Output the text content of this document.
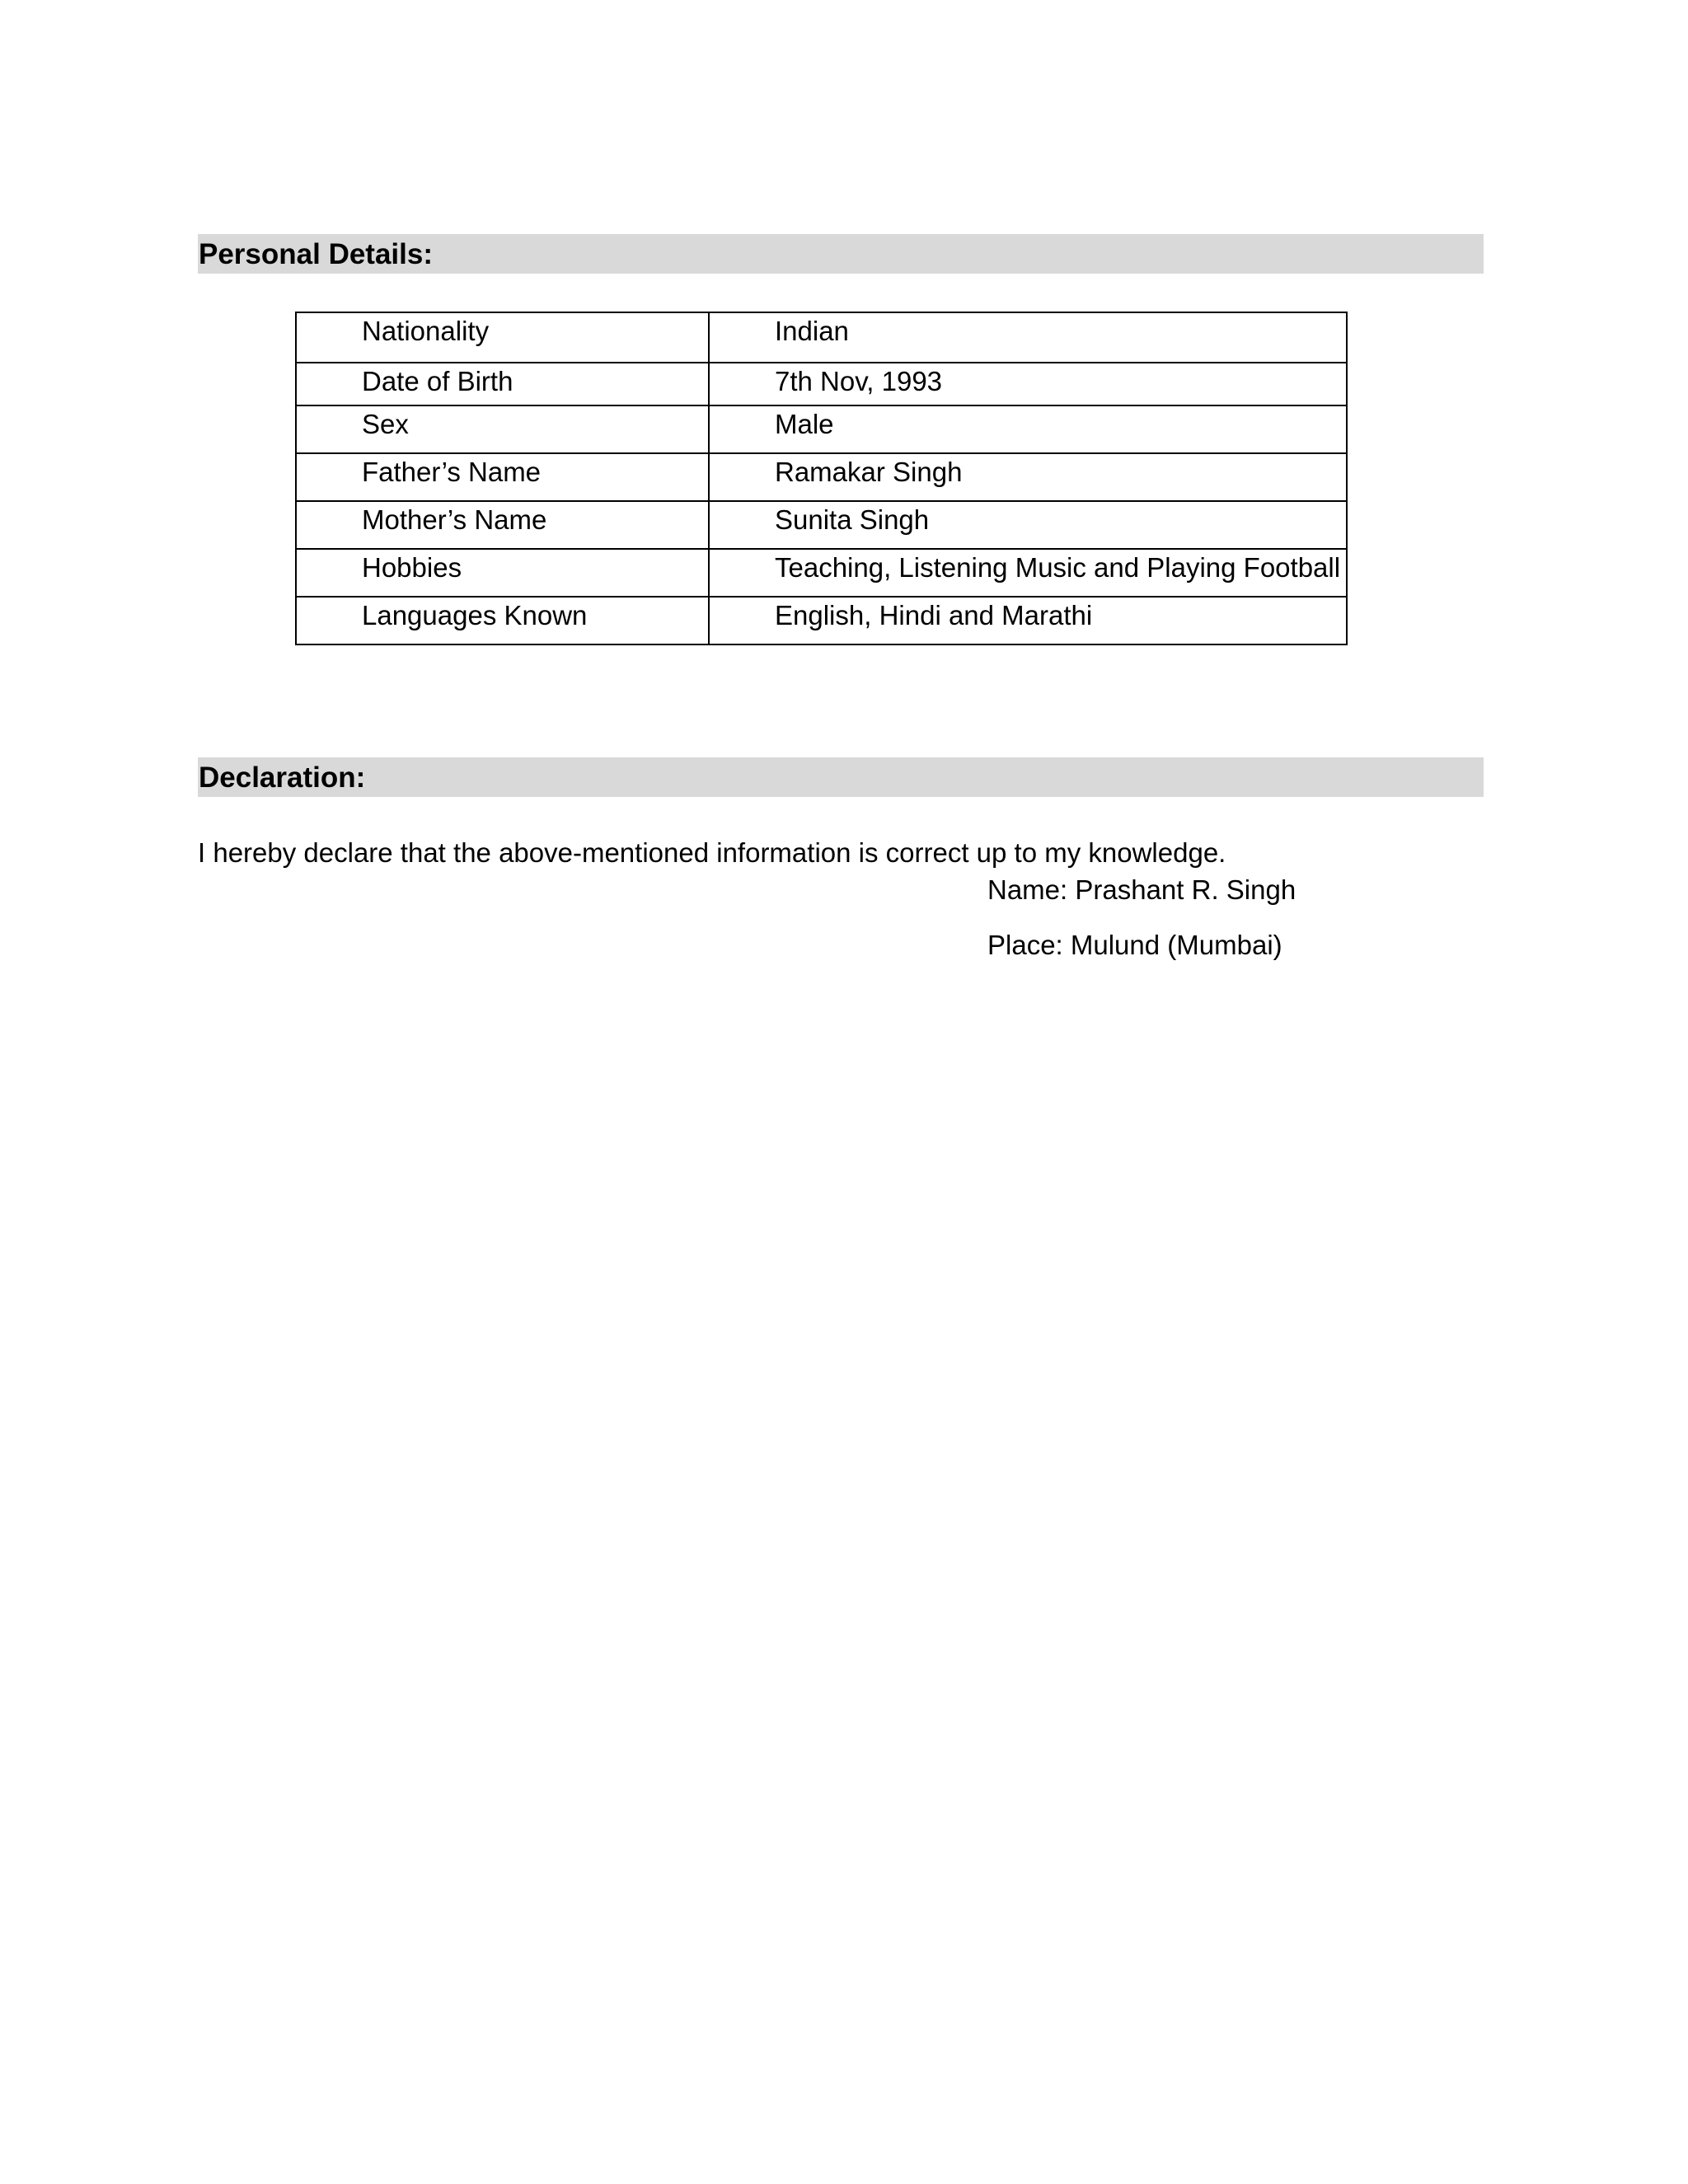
Personal Details:
Nationality	Indian
Date of Birth	7th Nov, 1993
Sex	Male
Father’s Name	Ramakar Singh
Mother’s Name	Sunita Singh
Hobbies	Teaching, Listening Music and Playing Football
Languages Known	English, Hindi and Marathi
Declaration:
I hereby declare that the above-mentioned information is correct up to my knowledge.
Name: Prashant R. Singh
Place: Mulund (Mumbai)
